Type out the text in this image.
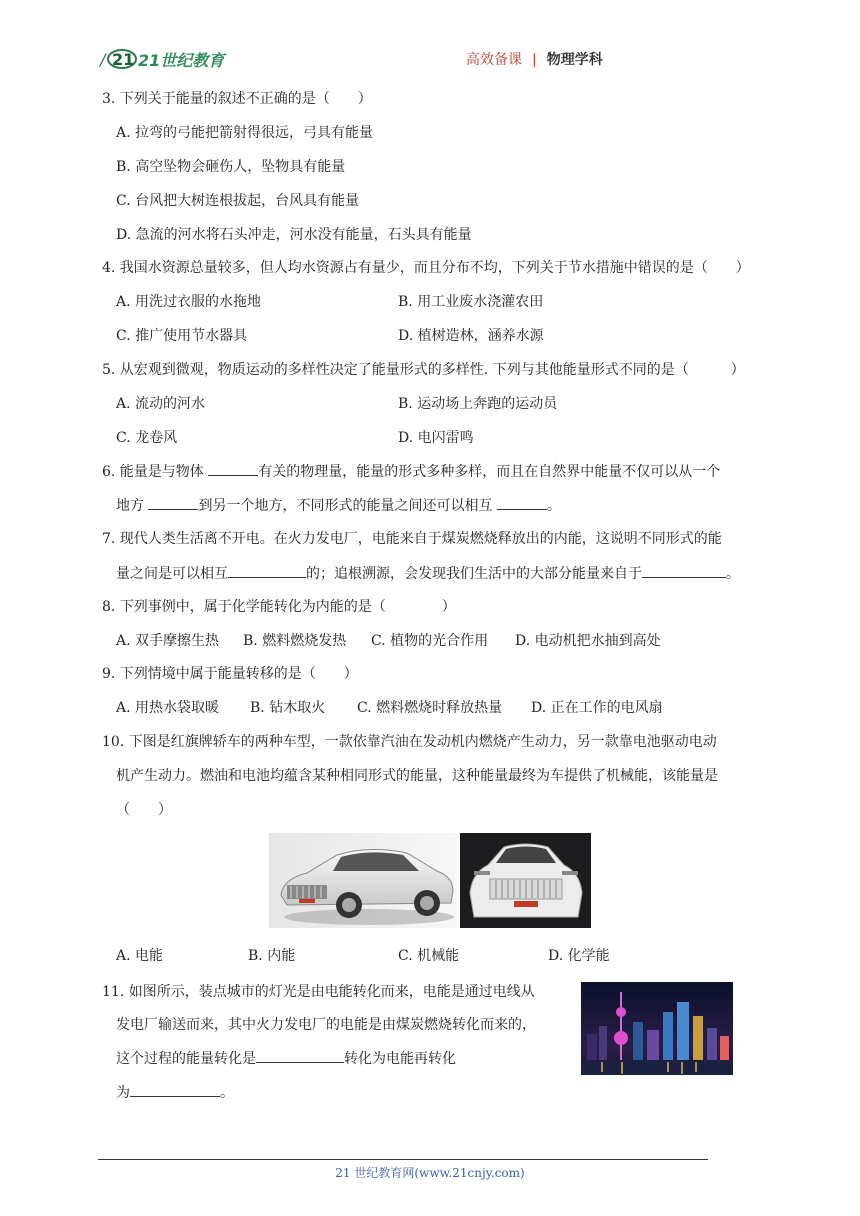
/ 21 21世纪教育	高效备课 | 物理学科
3. 下列关于能量的叙述不正确的是（　　）
A. 拉弯的弓能把箭射得很远，弓具有能量
B. 高空坠物会砸伤人，坠物具有能量
C. 台风把大树连根拔起，台风具有能量
D. 急流的河水将石头冲走，河水没有能量，石头具有能量
4. 我国水资源总量较多，但人均水资源占有量少，而且分布不均，下列关于节水措施中错误的是（　　）
A. 用洗过衣服的水拖地	B. 用工业废水浇灌农田
C. 推广使用节水器具	D. 植树造林，涵养水源
5. 从宏观到微观，物质运动的多样性决定了能量形式的多样性. 下列与其他能量形式不同的是（　　　）
A. 流动的河水	B. 运动场上奔跑的运动员
C. 龙卷风	D. 电闪雷鸣
6. 能量是与物体	有关的物理量，能量的形式多种多样，而且在自然界中能量不仅可以从一个
地方	到另一个地方，不同形式的能量之间还可以相互	。
7. 现代人类生活离不开电。在火力发电厂，电能来自于煤炭燃烧释放出的内能，这说明不同形式的能
量之间是可以相互	的；追根溯源，会发现我们生活中的大部分能量来自于	。
8. 下列事例中，属于化学能转化为内能的是（　　　　）
A. 双手摩擦生热 B. 燃料燃烧发热 C. 植物的光合作用 D. 电动机把水抽到高处
9. 下列情境中属于能量转移的是（　　）
A. 用热水袋取暖 B. 钻木取火 C. 燃料燃烧时释放热量 D. 正在工作的电风扇
10. 下图是红旗牌轿车的两种车型，一款依靠汽油在发动机内燃烧产生动力，另一款靠电池驱动电动
机产生动力。燃油和电池均蕴含某种相同形式的能量，这种能量最终为车提供了机械能，该能量是
（　　）
A. 电能	B. 内能	C. 机械能	D. 化学能
11. 如图所示，装点城市的灯光是由电能转化而来，电能是通过电线从
发电厂输送而来，其中火力发电厂的电能是由煤炭燃烧转化而来的，
这个过程的能量转化是	转化为电能再转化
为	。
21 世纪教育网(www.21cnjy.com)
